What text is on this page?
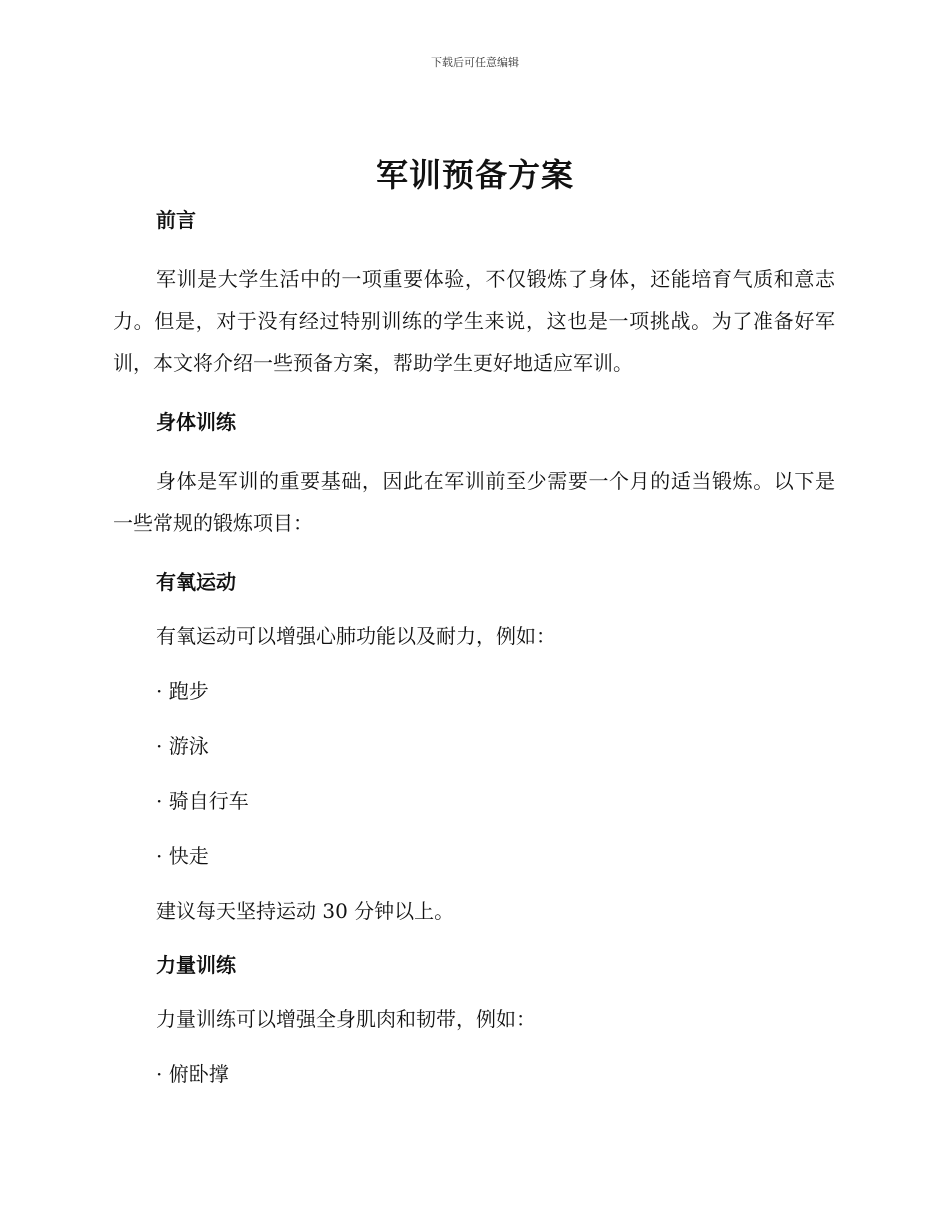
下载后可任意编辑
军训预备方案
前言

军训是大学生活中的一项重要体验，不仅锻炼了身体，还能培育气质和意志力。但是，对于没有经过特别训练的学生来说，这也是一项挑战。为了准备好军训，本文将介绍一些预备方案，帮助学生更好地适应军训。

身体训练

身体是军训的重要基础，因此在军训前至少需要一个月的适当锻炼。以下是一些常规的锻炼项目：

有氧运动

有氧运动可以增强心肺功能以及耐力，例如：

· 跑步

· 游泳

· 骑自行车

· 快走

建议每天坚持运动 30 分钟以上。

力量训练

力量训练可以增强全身肌肉和韧带，例如：

· 俯卧撑
